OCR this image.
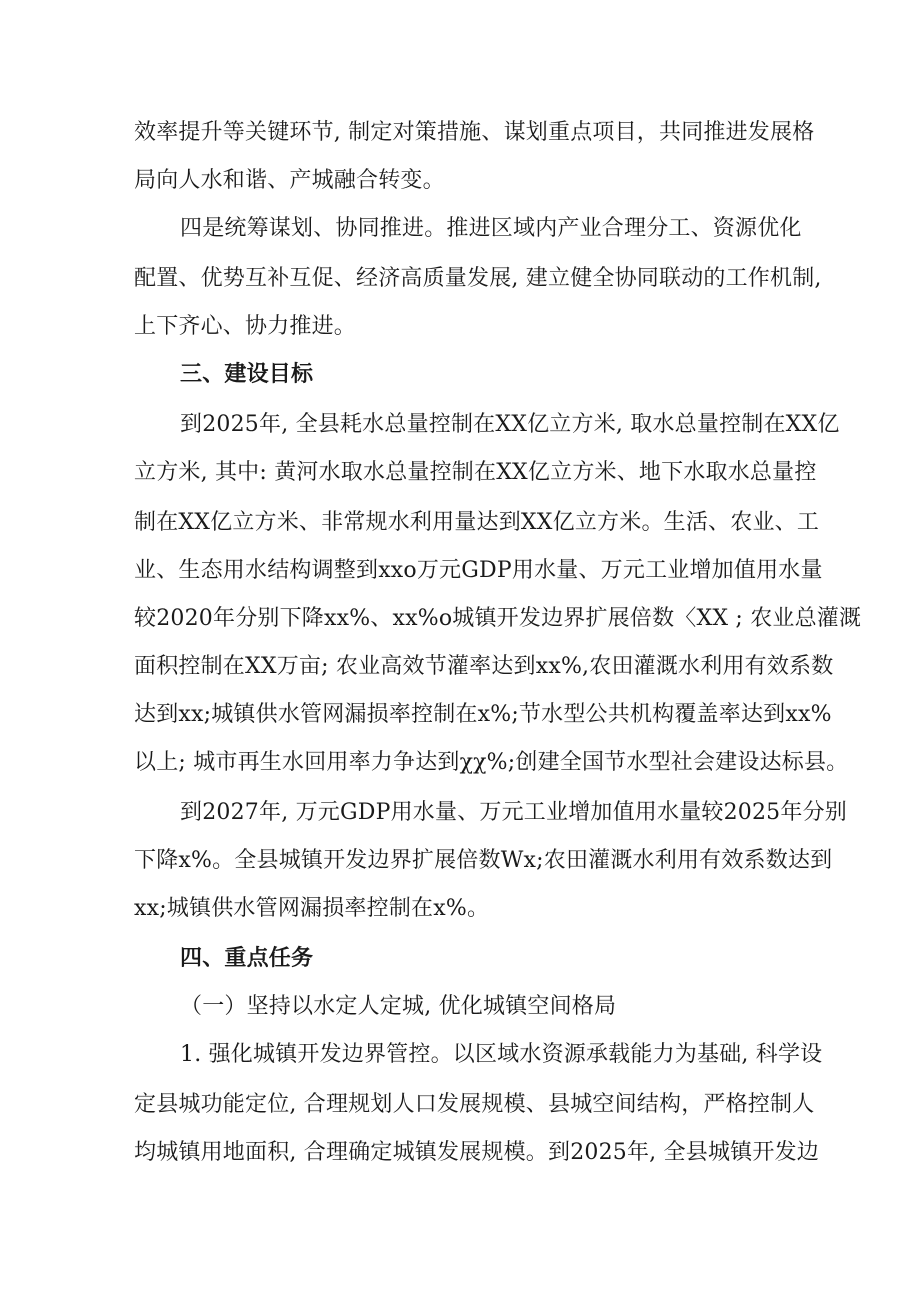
效率提升等关键环节, 制定对策措施、谋划重点项目，共同推进发展格

局向人水和谐、产城融合转变。

四是统筹谋划、协同推进。推进区域内产业合理分工、资源优化

配置、优势互补互促、经济高质量发展, 建立健全协同联动的工作机制,

上下齐心、协力推进。

三、建设目标

到2025年, 全县耗水总量控制在XX亿立方米, 取水总量控制在XX亿

立方米, 其中: 黄河水取水总量控制在XX亿立方米、地下水取水总量控

制在XX亿立方米、非常规水利用量达到XX亿立方米。生活、农业、工

业、生态用水结构调整到xxo万元GDP用水量、万元工业增加值用水量

较2020年分别下降xx%、xx%o城镇开发边界扩展倍数〈XX ; 农业总灌溉

面积控制在XX万亩; 农业高效节灌率达到xx%,农田灌溉水利用有效系数

达到xx;城镇供水管网漏损率控制在x%;节水型公共机构覆盖率达到xx%

以上; 城市再生水回用率力争达到χχ%;创建全国节水型社会建设达标县。

到2027年, 万元GDP用水量、万元工业增加值用水量较2025年分别

下降x%。全县城镇开发边界扩展倍数Wx;农田灌溉水利用有效系数达到

xx;城镇供水管网漏损率控制在x%。

四、重点任务

（一）坚持以水定人定城, 优化城镇空间格局

1. 强化城镇开发边界管控。以区域水资源承载能力为基础, 科学设

定县城功能定位, 合理规划人口发展规模、县城空间结构，严格控制人

均城镇用地面积, 合理确定城镇发展规模。到2025年, 全县城镇开发边
